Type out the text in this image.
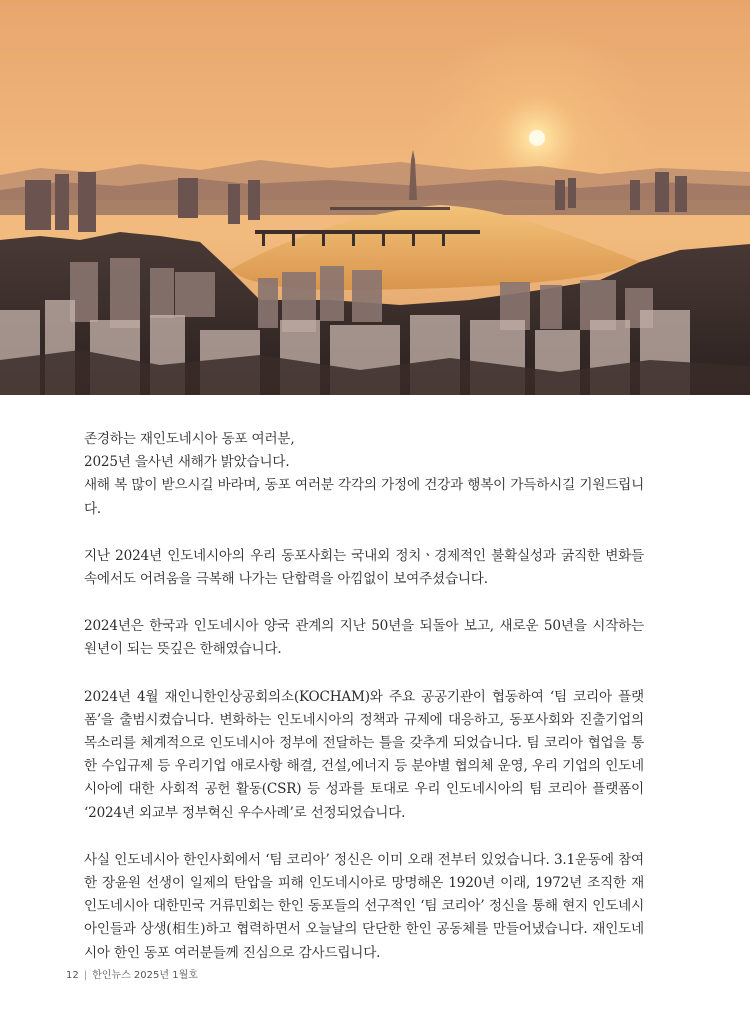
존경하는 재인도네시아 동포 여러분,
2025년 을사년 새해가 밝았습니다.
새해 복 많이 받으시길 바라며, 동포 여러분 각각의 가정에 건강과 행복이 가득하시길 기원드립니다.

지난 2024년 인도네시아의 우리 동포사회는 국내외 정치ㆍ경제적인 불확실성과 굵직한 변화들 속에서도 어려움을 극복해 나가는 단합력을 아낌없이 보여주셨습니다.

2024년은 한국과 인도네시아 양국 관계의 지난 50년을 되돌아 보고, 새로운 50년을 시작하는 원년이 되는 뜻깊은 한해였습니다.

2024년 4월 재인니한인상공회의소(KOCHAM)와 주요 공공기관이 협동하여 ‘팀 코리아 플랫폼’을 출범시켰습니다. 변화하는 인도네시아의 정책과 규제에 대응하고, 동포사회와 진출기업의 목소리를 체계적으로 인도네시아 정부에 전달하는 틀을 갖추게 되었습니다. 팀 코리아 협업을 통한 수입규제 등 우리기업 애로사항 해결, 건설,에너지 등 분야별 협의체 운영, 우리 기업의 인도네시아에 대한 사회적 공헌 활동(CSR) 등 성과를 토대로 우리 인도네시아의 팀 코리아 플랫폼이 ‘2024년 외교부 정부혁신 우수사례’로 선정되었습니다.

사실 인도네시아 한인사회에서 ‘팀 코리아’ 정신은 이미 오래 전부터 있었습니다. 3.1운동에 참여한 장윤원 선생이 일제의 탄압을 피해 인도네시아로 망명해온 1920년 이래, 1972년 조직한 재인도네시아 대한민국 거류민회는 한인 동포들의 선구적인 ‘팀 코리아’ 정신을 통해 현지 인도네시아인들과 상생(相生)하고 협력하면서 오늘날의 단단한 한인 공동체를 만들어냈습니다. 재인도네시아 한인 동포 여러분들께 진심으로 감사드립니다.

12 | 한인뉴스 2025년 1월호
